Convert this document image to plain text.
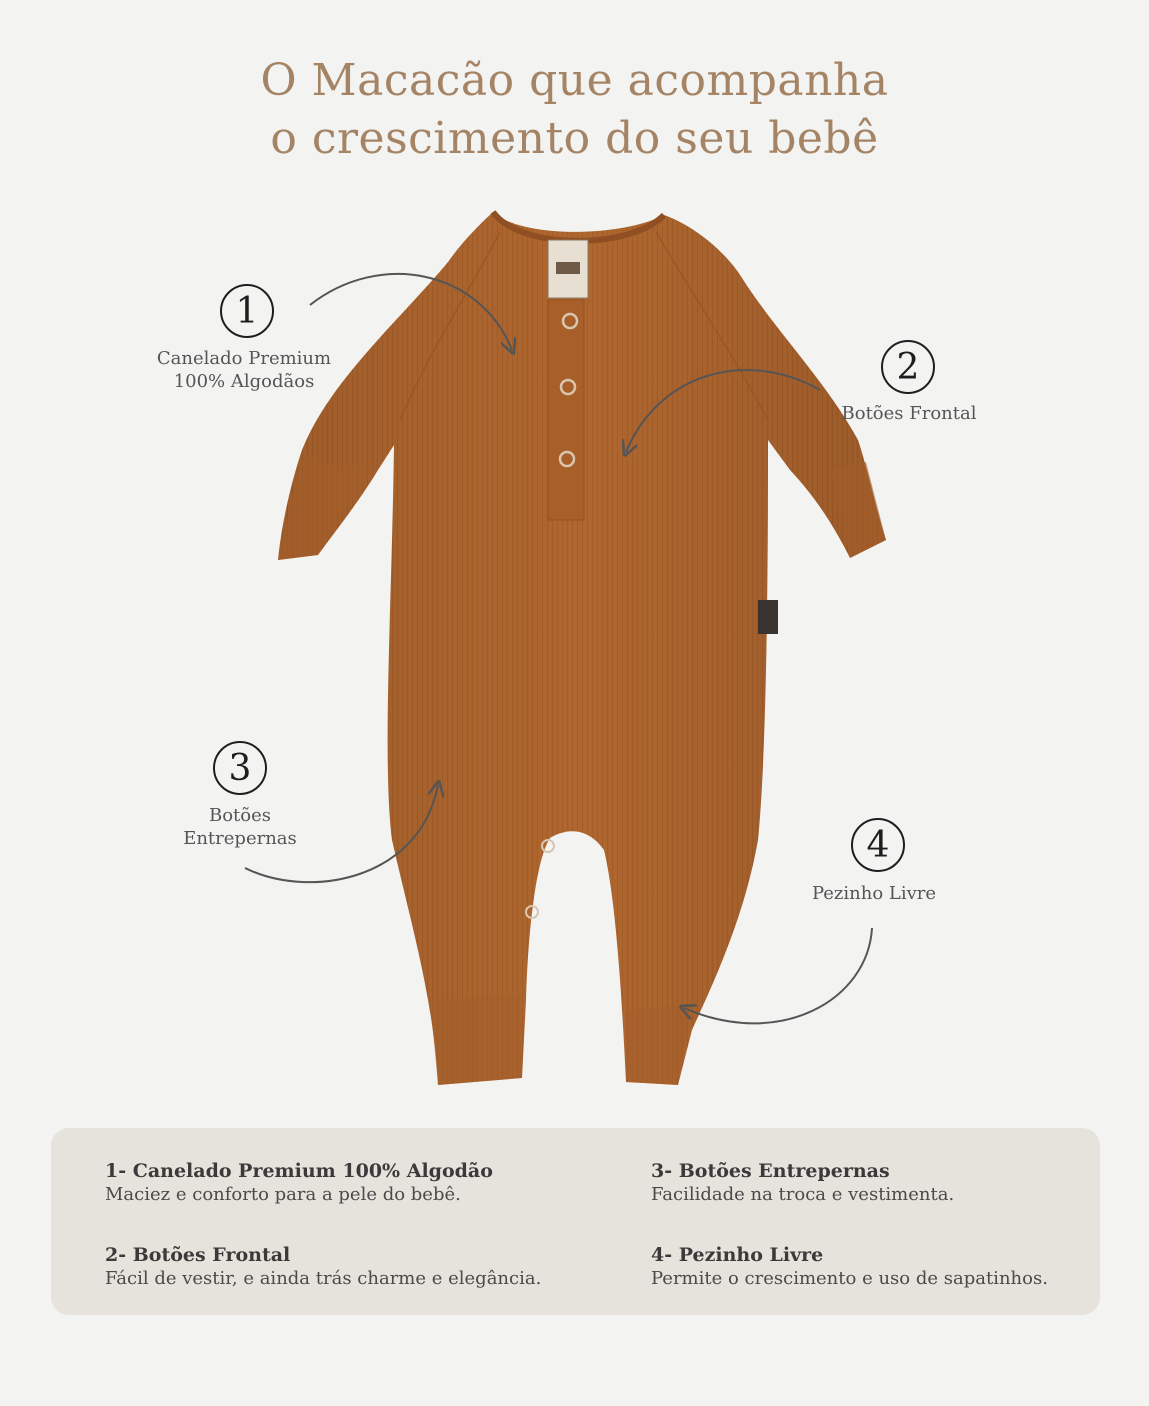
O Macacão que acompanha
o crescimento do seu bebê
1
Canelado Premium
100% Algodãos	2
Botões Frontal
3
Botões
Entrepernas	4
Pezinho Livre
1- Canelado Premium 100% Algodão
Maciez e conforto para a pele do bebê.
2- Botões Frontal
Fácil de vestir, e ainda trás charme e elegância.
3- Botões Entrepernas
Facilidade na troca e vestimenta.
4- Pezinho Livre
Permite o crescimento e uso de sapatinhos.
